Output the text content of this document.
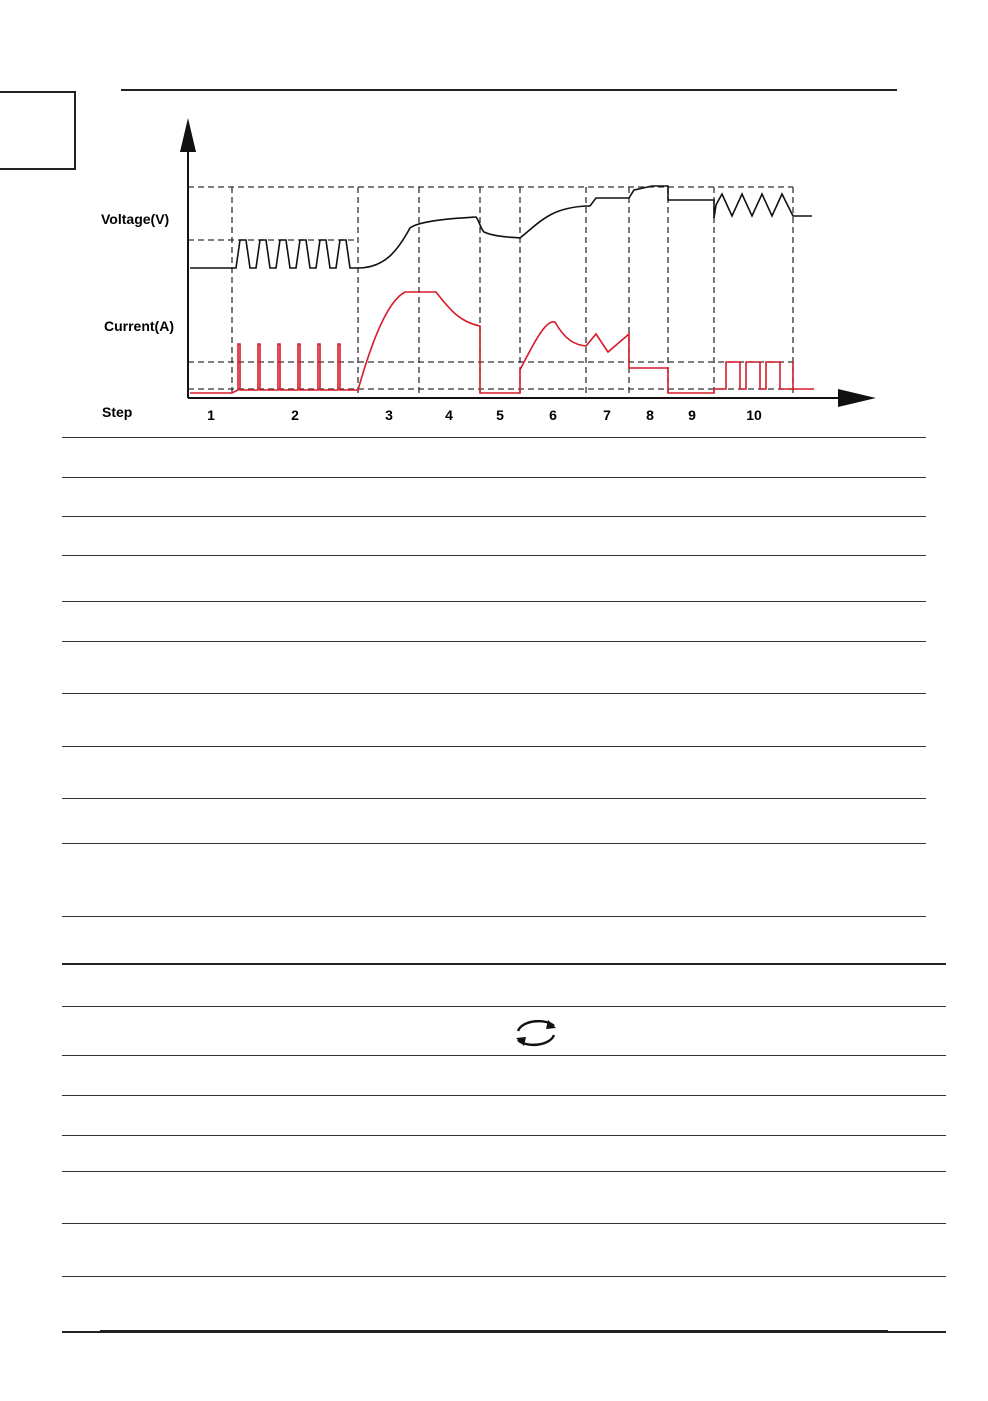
Voltage(V)
Current(A)
Step	1	2	3	4	5	6	7	8 9	10
